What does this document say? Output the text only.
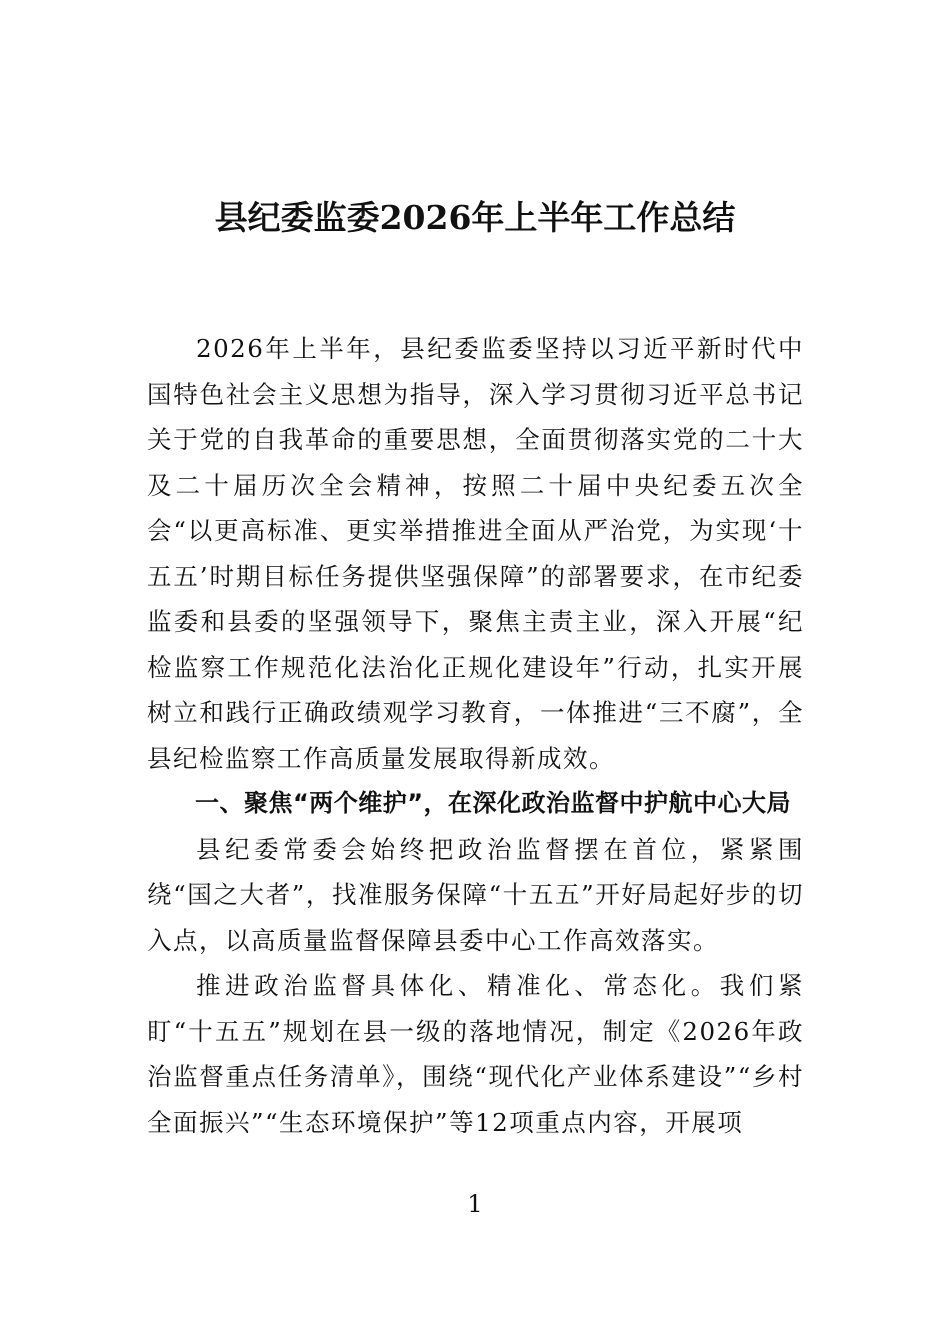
县纪委监委2026年上半年工作总结

2026年上半年，县纪委监委坚持以习近平新时代中国特色社会主义思想为指导，深入学习贯彻习近平总书记关于党的自我革命的重要思想，全面贯彻落实党的二十大及二十届历次全会精神，按照二十届中央纪委五次全会“以更高标准、更实举措推进全面从严治党，为实现‘十五五’时期目标任务提供坚强保障”的部署要求，在市纪委监委和县委的坚强领导下，聚焦主责主业，深入开展“纪检监察工作规范化法治化正规化建设年”行动，扎实开展树立和践行正确政绩观学习教育，一体推进“三不腐”，全县纪检监察工作高质量发展取得新成效。

一、聚焦“两个维护”，在深化政治监督中护航中心大局

县纪委常委会始终把政治监督摆在首位，紧紧围绕“国之大者”，找准服务保障“十五五”开好局起好步的切入点，以高质量监督保障县委中心工作高效落实。

推进政治监督具体化、精准化、常态化。我们紧盯“十五五”规划在县一级的落地情况，制定《2026年政治监督重点任务清单》，围绕“现代化产业体系建设”“乡村全面振兴”“生态环境保护”等12项重点内容，开展项

1
